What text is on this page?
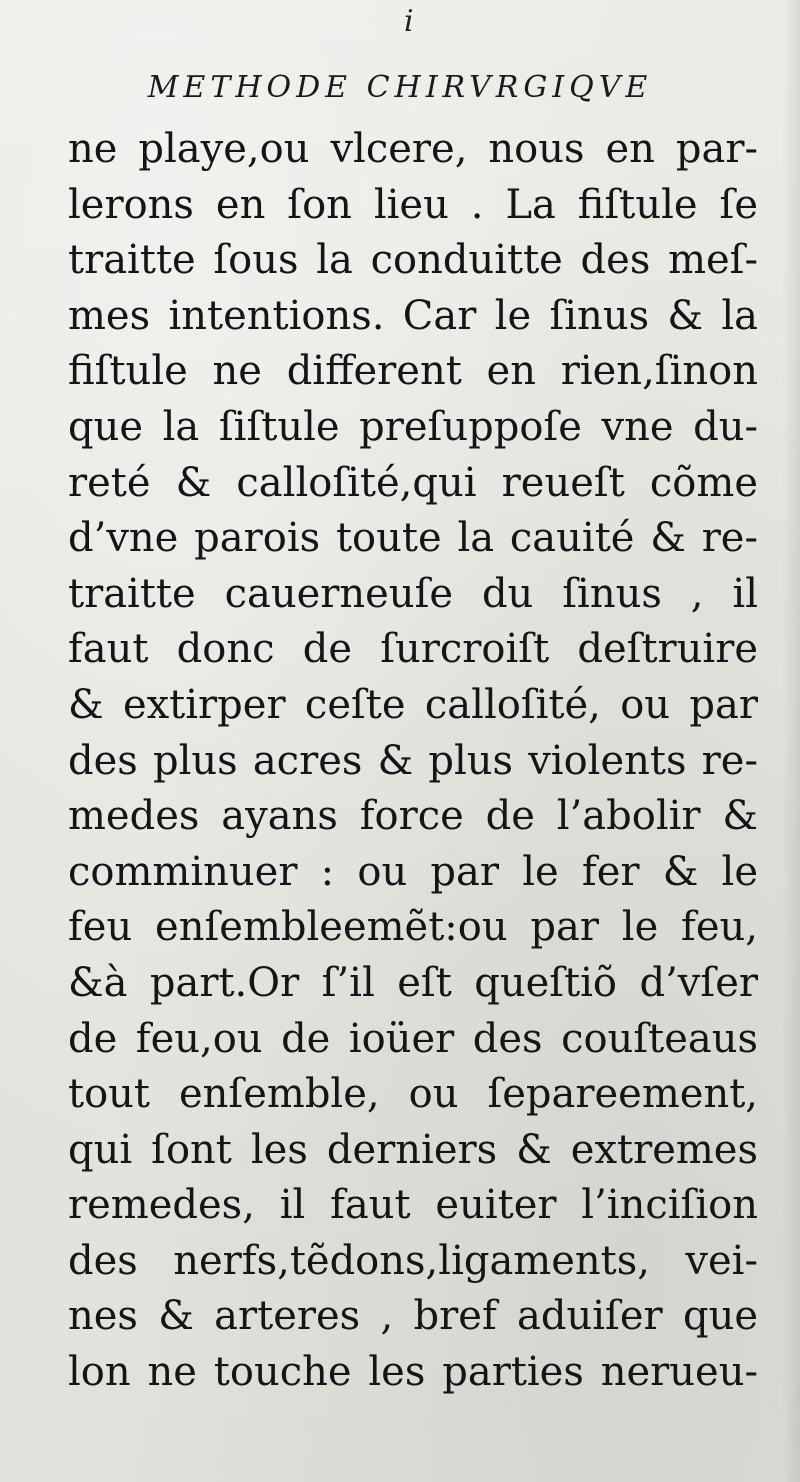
i
METHODE CHIRVRGIQVE
ne playe,ou vlcere, nous en par-
lerons en ſon lieu . La fiſtule ſe
traitte ſous la conduitte des meſ-
mes intentions. Car le ſinus & la
fiſtule ne different en rien,ſinon
que la ſiſtule preſuppoſe vne du-
reté & calloſité,qui reueſt cõme
d’vne parois toute la cauité & re-
traitte cauerneuſe du ſinus , il
faut donc de ſurcroiſt deſtruire
& extirper ceſte calloſité, ou par
des plus acres & plus violents re-
medes ayans force de l’abolir &
comminuer : ou par le fer & le
feu enſembleemẽt:ou par le feu,
&à part.Or ſ’il eſt queſtiõ d’vſer
de feu,ou de ioüer des couſteaus
tout enſemble, ou ſepareement,
qui ſont les derniers & extremes
remedes, il faut euiter l’inciſion
des nerfs,tẽdons,ligaments, vei-
nes & arteres , bref aduiſer que
lon ne touche les parties nerueu-
